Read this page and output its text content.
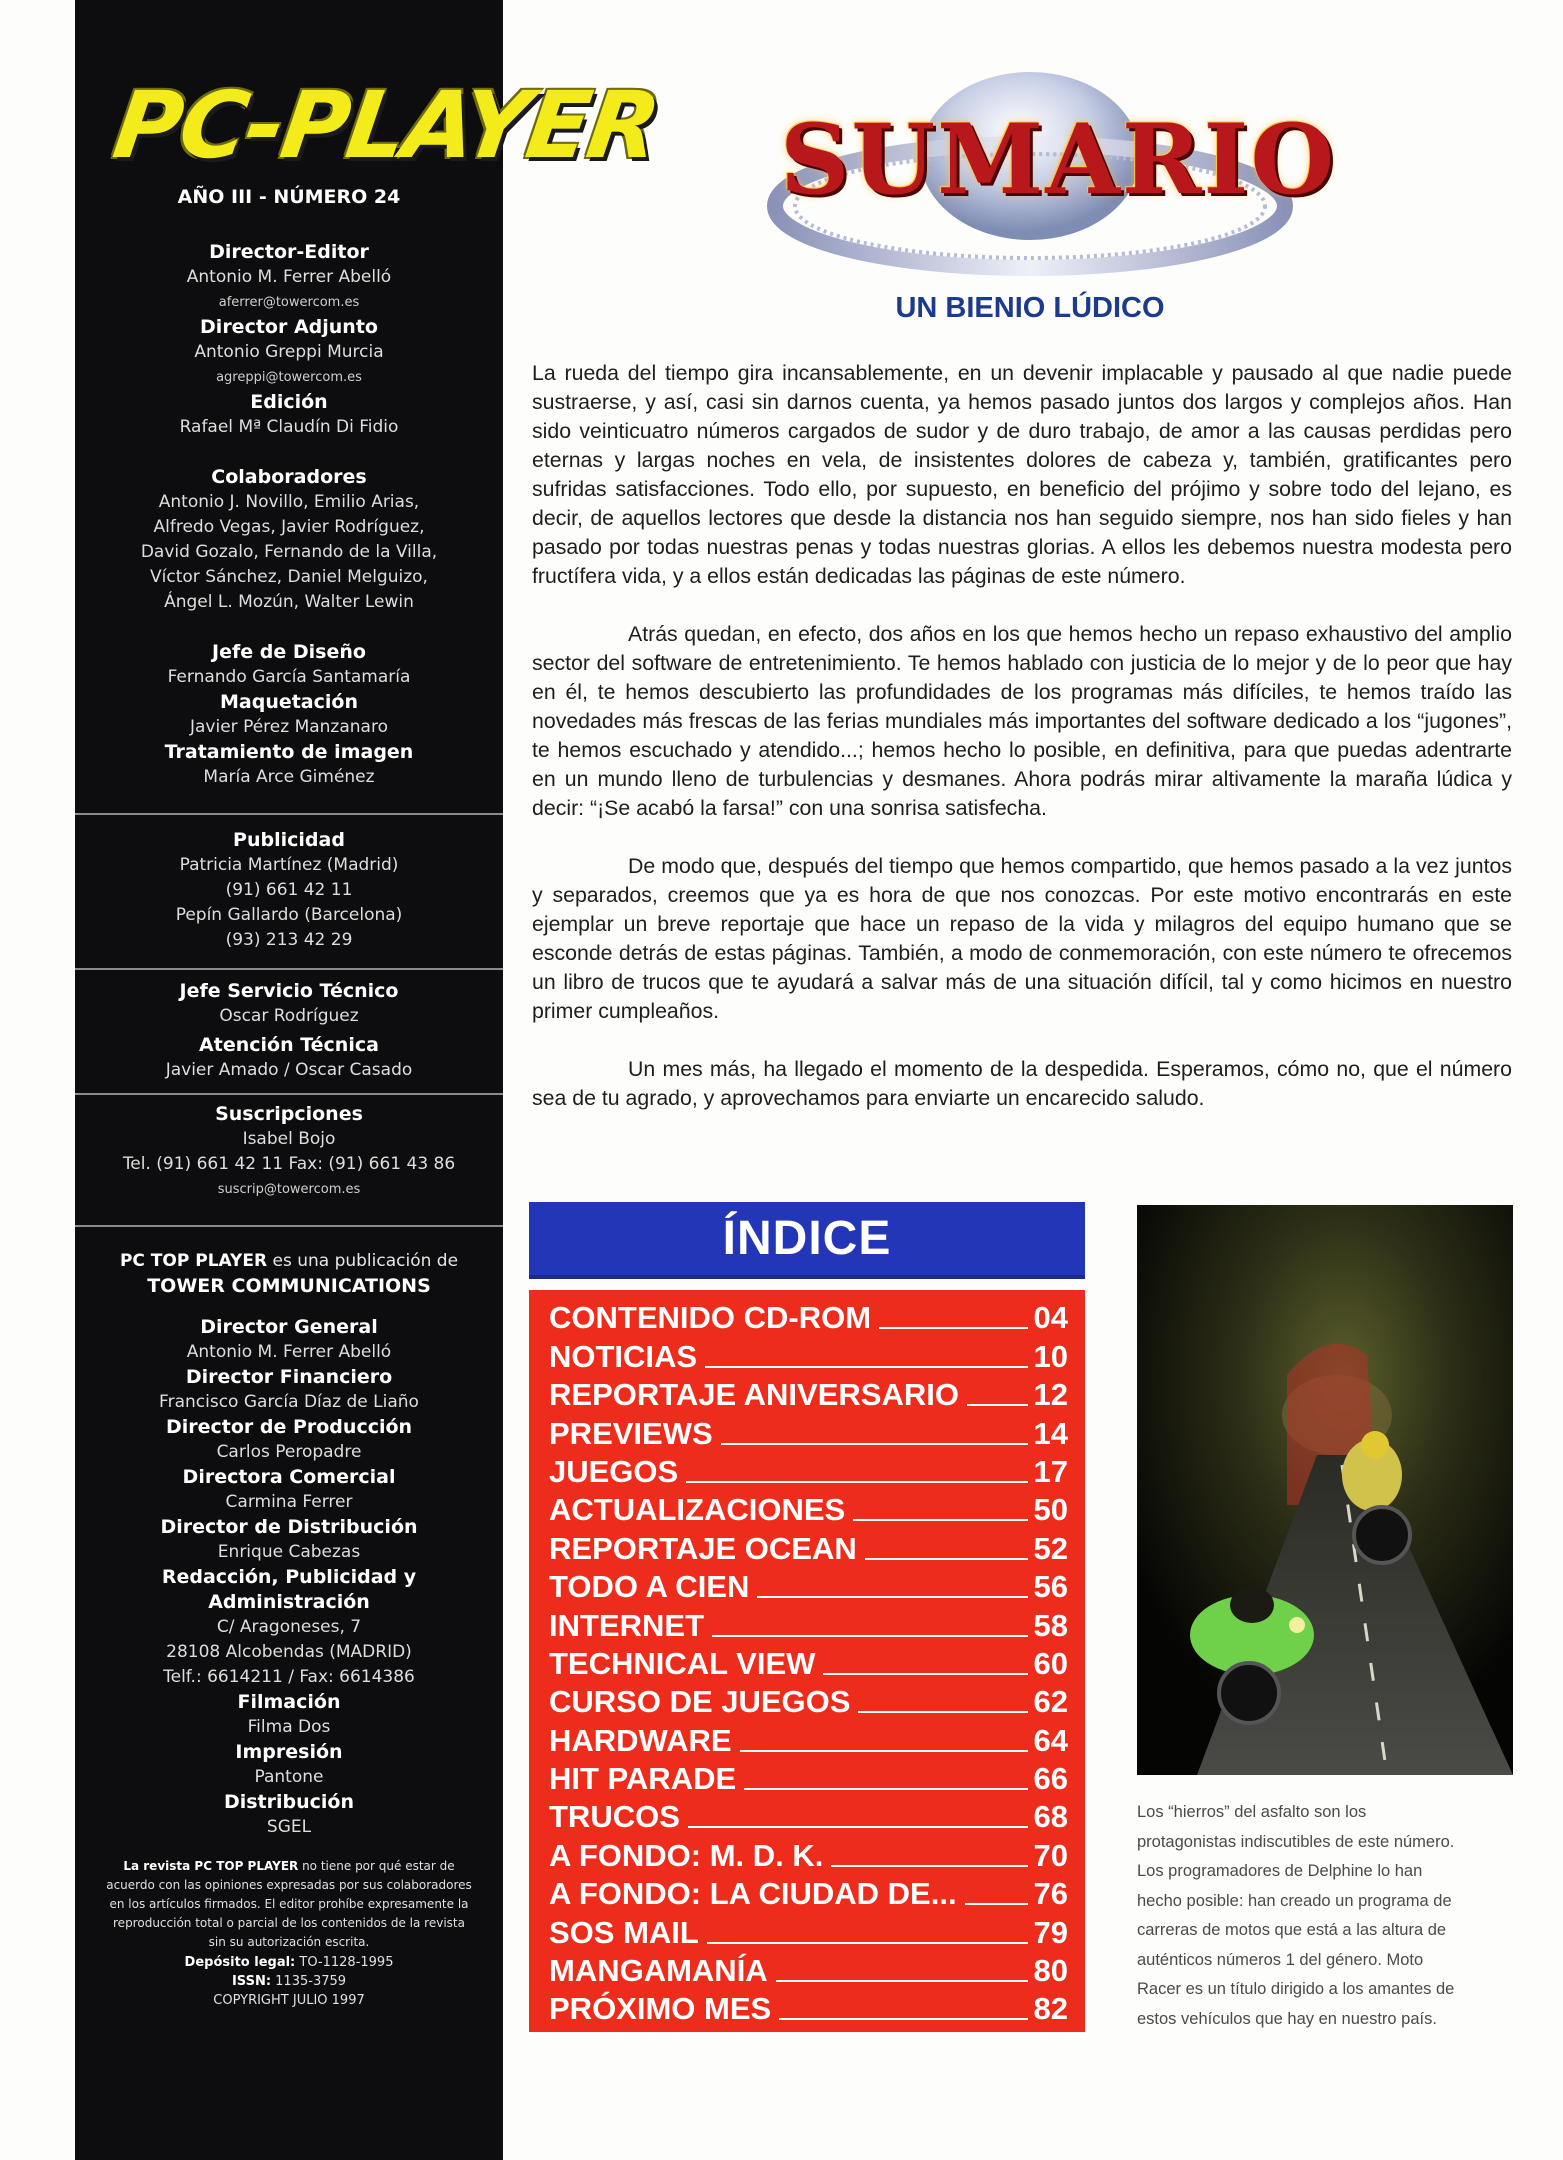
PC-PLAYER
AÑO III - NÚMERO 24
Director-Editor
Antonio M. Ferrer Abelló
aferrer@towercom.es
Director Adjunto
Antonio Greppi Murcia
agreppi@towercom.es
Edición
Rafael Mª Claudín Di Fidio
Colaboradores
Antonio J. Novillo, Emilio Arias,
Alfredo Vegas, Javier Rodríguez,
David Gozalo, Fernando de la Villa,
Víctor Sánchez, Daniel Melguizo,
Ángel L. Mozún, Walter Lewin
Jefe de Diseño
Fernando García Santamaría
Maquetación
Javier Pérez Manzanaro
Tratamiento de imagen
María Arce Giménez
Publicidad
Patricia Martínez (Madrid)
(91) 661 42 11
Pepín Gallardo (Barcelona)
(93) 213 42 29
Jefe Servicio Técnico
Oscar Rodríguez
Atención Técnica
Javier Amado / Oscar Casado
Suscripciones
Isabel Bojo
Tel. (91) 661 42 11 Fax: (91) 661 43 86
suscrip@towercom.es
PC TOP PLAYER es una publicación de
TOWER COMMUNICATIONS
Director General
Antonio M. Ferrer Abelló
Director Financiero
Francisco García Díaz de Liaño
Director de Producción
Carlos Peropadre
Directora Comercial
Carmina Ferrer
Director de Distribución
Enrique Cabezas
Redacción, Publicidad y
Administración
C/ Aragoneses, 7
28108 Alcobendas (MADRID)
Telf.: 6614211 / Fax: 6614386
Filmación
Filma Dos
Impresión
Pantone
Distribución
SGEL
La revista PC TOP PLAYER no tiene por qué estar de acuerdo con las opiniones expresadas por sus colaboradores en los artículos firmados. El editor prohíbe expresamente la reproducción total o parcial de los contenidos de la revista sin su autorización escrita.
Depósito legal: TO-1128-1995
ISSN: 1135-3759
COPYRIGHT JULIO 1997
SUMARIO
UN BIENIO LÚDICO

La rueda del tiempo gira incansablemente, en un devenir implacable y pausado al que nadie puede sustraerse, y así, casi sin darnos cuenta, ya hemos pasado juntos dos largos y complejos años. Han sido veinticuatro números cargados de sudor y de duro trabajo, de amor a las causas perdidas pero eternas y largas noches en vela, de insistentes dolores de cabeza y, también, gratificantes pero sufridas satisfacciones. Todo ello, por supuesto, en beneficio del prójimo y sobre todo del lejano, es decir, de aquellos lectores que desde la distancia nos han seguido siempre, nos han sido fieles y han pasado por todas nuestras penas y todas nuestras glorias. A ellos les debemos nuestra modesta pero fructífera vida, y a ellos están dedicadas las páginas de este número.

Atrás quedan, en efecto, dos años en los que hemos hecho un repaso exhaustivo del amplio sector del software de entretenimiento. Te hemos hablado con justicia de lo mejor y de lo peor que hay en él, te hemos descubierto las profundidades de los programas más difíciles, te hemos traído las novedades más frescas de las ferias mundiales más importantes del software dedicado a los “jugones”, te hemos escuchado y atendido...; hemos hecho lo posible, en definitiva, para que puedas adentrarte en un mundo lleno de turbulencias y desmanes. Ahora podrás mirar altivamente la maraña lúdica y decir: “¡Se acabó la farsa!” con una sonrisa satisfecha.

De modo que, después del tiempo que hemos compartido, que hemos pasado a la vez juntos y separados, creemos que ya es hora de que nos conozcas. Por este motivo encontrarás en este ejemplar un breve reportaje que hace un repaso de la vida y milagros del equipo humano que se esconde detrás de estas páginas. También, a modo de conmemoración, con este número te ofrecemos un libro de trucos que te ayudará a salvar más de una situación difícil, tal y como hicimos en nuestro primer cumpleaños.

Un mes más, ha llegado el momento de la despedida. Esperamos, cómo no, que el número sea de tu agrado, y aprovechamos para enviarte un encarecido saludo.

ÍNDICE
CONTENIDO CD-ROM	04
NOTICIAS	10
REPORTAJE ANIVERSARIO 12
PREVIEWS	14
JUEGOS	17
ACTUALIZACIONES	50
REPORTAJE OCEAN	52
TODO A CIEN	56
INTERNET	58
TECHNICAL VIEW	60
CURSO DE JUEGOS	62
HARDWARE	64
HIT PARADE	66
TRUCOS	68
A FONDO: M. D. K.	70
A FONDO: LA CIUDAD DE... 76
SOS MAIL	79
MANGAMANÍA	80
PRÓXIMO MES	82
Los “hierros” del asfalto son los
protagonistas indiscutibles de este número.
Los programadores de Delphine lo han
hecho posible: han creado un programa de
carreras de motos que está a las altura de
auténticos números 1 del género. Moto
Racer es un título dirigido a los amantes de
estos vehículos que hay en nuestro país.
